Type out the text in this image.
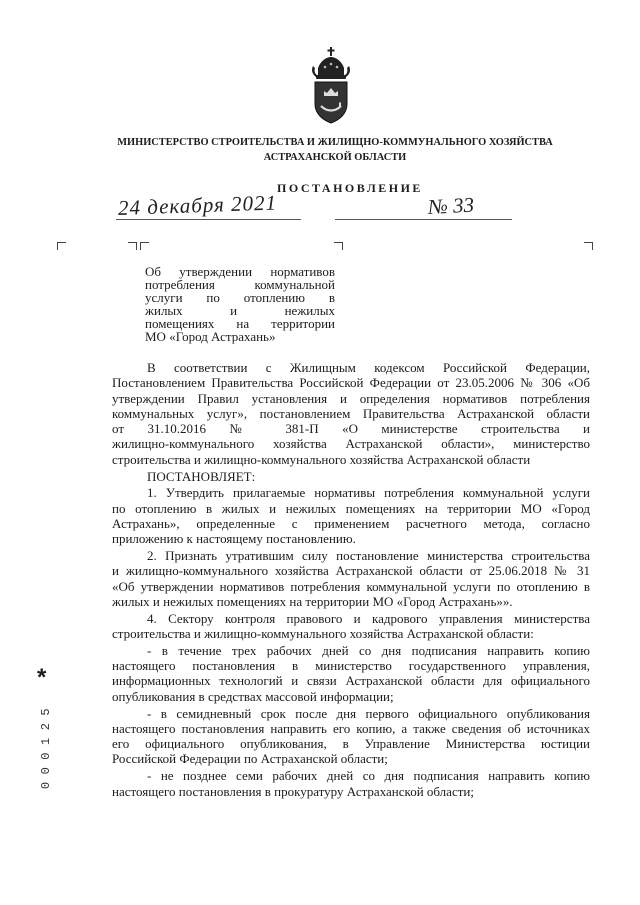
МИНИСТЕРСТВО СТРОИТЕЛЬСТВА И ЖИЛИЩНО-КОММУНАЛЬНОГО ХОЗЯЙСТВА
АСТРАХАНСКОЙ ОБЛАСТИ
ПОСТАНОВЛЕНИЕ
24 декабря 2021	№ 33
Об утверждении нормативов
потребления коммунальной
услуги по отоплению в
жилых и нежилых
помещениях на территории
МО «Город Астрахань»
В соответствии с Жилищным кодексом Российской Федерации,
Постановлением Правительства Российской Федерации от 23.05.2006 № 306 «Об
утверждении Правил установления и определения нормативов потребления
коммунальных услуг», постановлением Правительства Астраханской области
от 31.10.2016 № 381-П «О министерстве строительства и
жилищно-коммунального хозяйства Астраханской области», министерство
строительства и жилищно-коммунального хозяйства Астраханской области
ПОСТАНОВЛЯЕТ:
1. Утвердить прилагаемые нормативы потребления коммунальной услуги
по отоплению в жилых и нежилых помещениях на территории МО «Город
Астрахань», определенные с применением расчетного метода, согласно
приложению к настоящему постановлению.
2. Признать утратившим силу постановление министерства строительства
и жилищно-коммунального хозяйства Астраханской области от 25.06.2018 № 31
«Об утверждении нормативов потребления коммунальной услуги по отоплению в
жилых и нежилых помещениях на территории МО «Город Астрахань»».
4. Сектору контроля правового и кадрового управления министерства
строительства и жилищно-коммунального хозяйства Астраханской области:
- в течение трех рабочих дней со дня подписания направить копию
настоящего постановления в министерство государственного управления,
информационных технологий и связи Астраханской области для официального
опубликования в средствах массовой информации;
- в семидневный срок после дня первого официального опубликования
настоящего постановления направить его копию, а также сведения об источниках
его официального опубликования, в Управление Министерства юстиции
Российской Федерации по Астраханской области;
- не позднее семи рабочих дней со дня подписания направить копию
настоящего постановления в прокуратуру Астраханской области;
*
000125
